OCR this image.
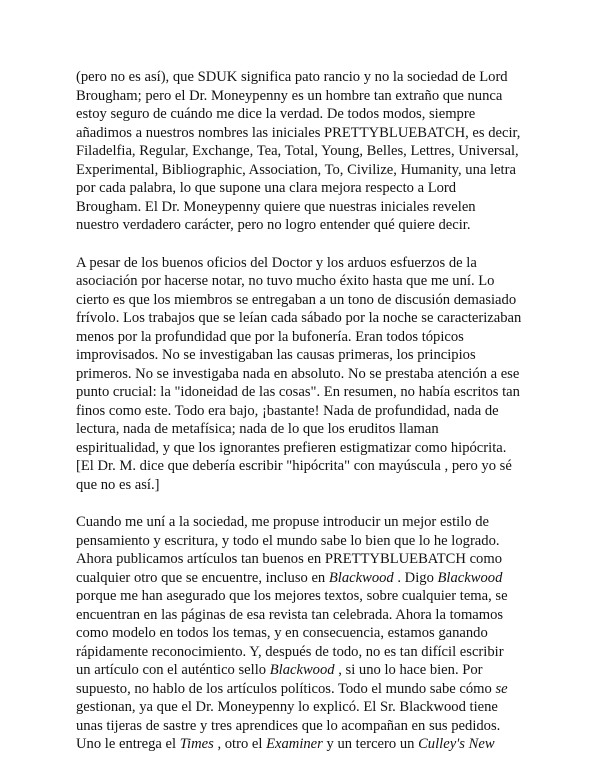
(pero no es así), que SDUK significa pato rancio y no la sociedad de Lord
Brougham; pero el Dr. Moneypenny es un hombre tan extraño que nunca
estoy seguro de cuándo me dice la verdad. De todos modos, siempre
añadimos a nuestros nombres las iniciales PRETTYBLUEBATCH, es decir,
Filadelfia, Regular, Exchange, Tea, Total, Young, Belles, Lettres, Universal,
Experimental, Bibliographic, Association, To, Civilize, Humanity, una letra
por cada palabra, lo que supone una clara mejora respecto a Lord
Brougham. El Dr. Moneypenny quiere que nuestras iniciales revelen
nuestro verdadero carácter, pero no logro entender qué quiere decir.

A pesar de los buenos oficios del Doctor y los arduos esfuerzos de la
asociación por hacerse notar, no tuvo mucho éxito hasta que me uní. Lo
cierto es que los miembros se entregaban a un tono de discusión demasiado
frívolo. Los trabajos que se leían cada sábado por la noche se caracterizaban
menos por la profundidad que por la bufonería. Eran todos tópicos
improvisados. No se investigaban las causas primeras, los principios
primeros. No se investigaba nada en absoluto. No se prestaba atención a ese
punto crucial: la "idoneidad de las cosas". En resumen, no había escritos tan
finos como este. Todo era bajo, ¡bastante! Nada de profundidad, nada de
lectura, nada de metafísica; nada de lo que los eruditos llaman
espiritualidad, y que los ignorantes prefieren estigmatizar como hipócrita.
[El Dr. M. dice que debería escribir "hipócrita" con mayúscula , pero yo sé
que no es así.]

Cuando me uní a la sociedad, me propuse introducir un mejor estilo de
pensamiento y escritura, y todo el mundo sabe lo bien que lo he logrado.
Ahora publicamos artículos tan buenos en PRETTYBLUEBATCH como
cualquier otro que se encuentre, incluso en Blackwood . Digo Blackwood
porque me han asegurado que los mejores textos, sobre cualquier tema, se
encuentran en las páginas de esa revista tan celebrada. Ahora la tomamos
como modelo en todos los temas, y en consecuencia, estamos ganando
rápidamente reconocimiento. Y, después de todo, no es tan difícil escribir
un artículo con el auténtico sello Blackwood , si uno lo hace bien. Por
supuesto, no hablo de los artículos políticos. Todo el mundo sabe cómo se
gestionan, ya que el Dr. Moneypenny lo explicó. El Sr. Blackwood tiene
unas tijeras de sastre y tres aprendices que lo acompañan en sus pedidos.
Uno le entrega el Times , otro el Examiner y un tercero un Culley's New
